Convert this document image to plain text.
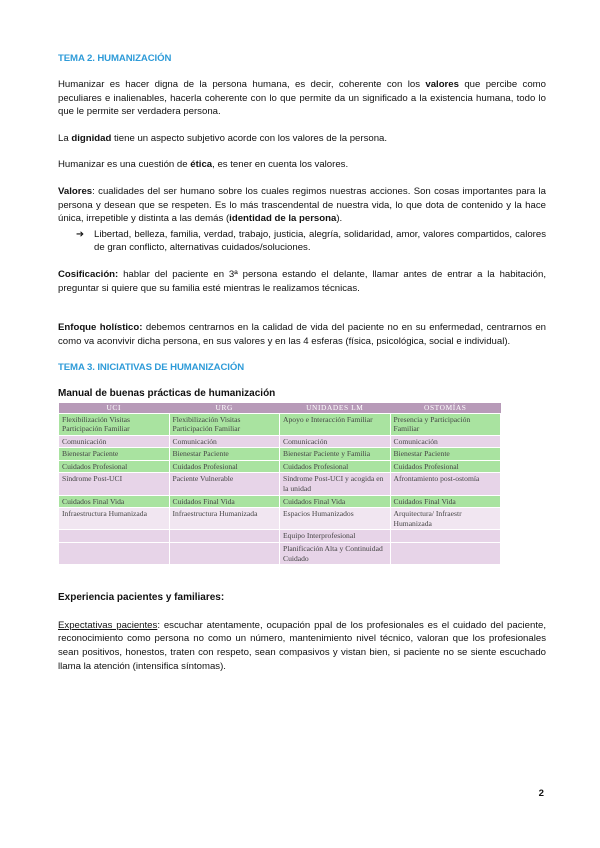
TEMA 2. HUMANIZACIÓN

Humanizar es hacer digna de la persona humana, es decir, coherente con los valores que percibe como peculiares e inalienables, hacerla coherente con lo que permite da un significado a la existencia humana, todo lo que le permite ser verdadera persona.

La dignidad tiene un aspecto subjetivo acorde con los valores de la persona.

Humanizar es una cuestión de ética, es tener en cuenta los valores.

Valores: cualidades del ser humano sobre los cuales regimos nuestras acciones. Son cosas importantes para la persona y desean que se respeten. Es lo más trascendental de nuestra vida, lo que dota de contenido y la hace única, irrepetible y distinta a las demás (identidad de la persona).

➔ Libertad, belleza, familia, verdad, trabajo, justicia, alegría, solidaridad, amor, valores compartidos, calores de gran conflicto, alternativas cuidados/soluciones.

Cosificación: hablar del paciente en 3ª persona estando el delante, llamar antes de entrar a la habitación, preguntar si quiere que su familia esté mientras le realizamos técnicas.

Enfoque holístico: debemos centrarnos en la calidad de vida del paciente no en su enfermedad, centrarnos en como va aconvivir dicha persona, en sus valores y en las 4 esferas (física, psicológica, social e individual).

TEMA 3. INICIATIVAS DE HUMANIZACIÓN
Manual de buenas prácticas de humanización
UCI	URG	UNIDADES LM	OSTOMÍAS
Flexibilización Visitas Participación Familiar	Flexibilización Visitas Participación Familiar	Apoyo e Interacción Familiar	Presencia y Participación Familiar
Comunicación	Comunicación	Comunicación	Comunicación
Bienestar Paciente	Bienestar Paciente	Bienestar Paciente y Familia	Bienestar Paciente
Cuidados Profesional	Cuidados Profesional	Cuidados Profesional	Cuidados Profesional
Síndrome Post-UCI	Paciente Vulnerable	Síndrome Post-UCI y acogida en la unidad	Afrontamiento post-ostomía
Cuidados Final Vida	Cuidados Final Vida	Cuidados Final Vida	Cuidados Final Vida
Infraestructura Humanizada	Infraestructura Humanizada	Espacios Humanizados	Arquitectura/ Infraestr Humanizada
		Equipo Interprofesional	
		Planificación Alta y Continuidad Cuidado	
Experiencia pacientes y familiares:

Expectativas pacientes: escuchar atentamente, ocupación ppal de los profesionales es el cuidado del paciente, reconocimiento como persona no como un número, mantenimiento nivel técnico, valoran que los profesionales sean positivos, honestos, traten con respeto, sean compasivos y vistan bien, si paciente no se siente escuchado llama la atención (intensifica síntomas).

2
